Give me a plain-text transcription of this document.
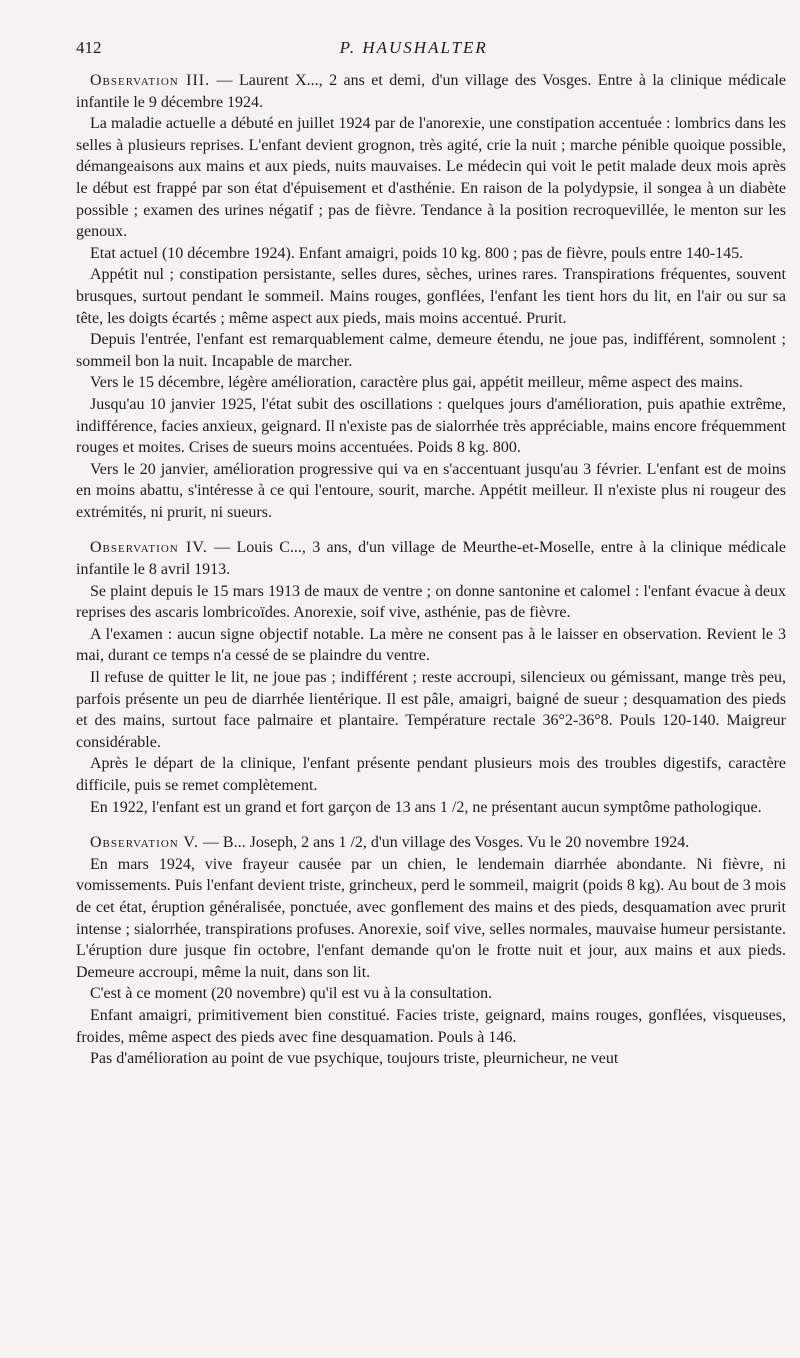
412	P. HAUSHALTER

Observation III. — Laurent X..., 2 ans et demi, d'un village des Vosges. Entre à la clinique médicale infantile le 9 décembre 1924.

La maladie actuelle a débuté en juillet 1924 par de l'anorexie, une constipation accentuée : lombrics dans les selles à plusieurs reprises. L'enfant devient grognon, très agité, crie la nuit ; marche pénible quoique possible, démangeaisons aux mains et aux pieds, nuits mauvaises. Le médecin qui voit le petit malade deux mois après le début est frappé par son état d'épuisement et d'asthénie. En raison de la polydypsie, il songea à un diabète possible ; examen des urines négatif ; pas de fièvre. Tendance à la position recroquevillée, le menton sur les genoux.

Etat actuel (10 décembre 1924). Enfant amaigri, poids 10 kg. 800 ; pas de fièvre, pouls entre 140-145.

Appétit nul ; constipation persistante, selles dures, sèches, urines rares. Transpirations fréquentes, souvent brusques, surtout pendant le sommeil. Mains rouges, gonflées, l'enfant les tient hors du lit, en l'air ou sur sa tête, les doigts écartés ; même aspect aux pieds, mais moins accentué. Prurit.

Depuis l'entrée, l'enfant est remarquablement calme, demeure étendu, ne joue pas, indifférent, somnolent ; sommeil bon la nuit. Incapable de marcher.

Vers le 15 décembre, légère amélioration, caractère plus gai, appétit meilleur, même aspect des mains.

Jusqu'au 10 janvier 1925, l'état subit des oscillations : quelques jours d'amélioration, puis apathie extrême, indifférence, facies anxieux, geignard. Il n'existe pas de sialorrhée très appréciable, mains encore fréquemment rouges et moites. Crises de sueurs moins accentuées. Poids 8 kg. 800.

Vers le 20 janvier, amélioration progressive qui va en s'accentuant jusqu'au 3 février. L'enfant est de moins en moins abattu, s'intéresse à ce qui l'entoure, sourit, marche. Appétit meilleur. Il n'existe plus ni rougeur des extrémités, ni prurit, ni sueurs.

Observation IV. — Louis C..., 3 ans, d'un village de Meurthe-et-Moselle, entre à la clinique médicale infantile le 8 avril 1913.

Se plaint depuis le 15 mars 1913 de maux de ventre ; on donne santonine et calomel : l'enfant évacue à deux reprises des ascaris lombricoïdes. Anorexie, soif vive, asthénie, pas de fièvre.

A l'examen : aucun signe objectif notable. La mère ne consent pas à le laisser en observation. Revient le 3 mai, durant ce temps n'a cessé de se plaindre du ventre.

Il refuse de quitter le lit, ne joue pas ; indifférent ; reste accroupi, silencieux ou gémissant, mange très peu, parfois présente un peu de diarrhée lientérique. Il est pâle, amaigri, baigné de sueur ; desquamation des pieds et des mains, surtout face palmaire et plantaire. Température rectale 36°2-36°8. Pouls 120-140. Maigreur considérable.

Après le départ de la clinique, l'enfant présente pendant plusieurs mois des troubles digestifs, caractère difficile, puis se remet complètement.

En 1922, l'enfant est un grand et fort garçon de 13 ans 1 /2, ne présentant aucun symptôme pathologique.

Observation V. — B... Joseph, 2 ans 1 /2, d'un village des Vosges. Vu le 20 novembre 1924.

En mars 1924, vive frayeur causée par un chien, le lendemain diarrhée abondante. Ni fièvre, ni vomissements. Puis l'enfant devient triste, grincheux, perd le sommeil, maigrit (poids 8 kg). Au bout de 3 mois de cet état, éruption généralisée, ponctuée, avec gonflement des mains et des pieds, desquamation avec prurit intense ; sialorrhée, transpirations profuses. Anorexie, soif vive, selles normales, mauvaise humeur persistante. L'éruption dure jusque fin octobre, l'enfant demande qu'on le frotte nuit et jour, aux mains et aux pieds. Demeure accroupi, même la nuit, dans son lit.

C'est à ce moment (20 novembre) qu'il est vu à la consultation.

Enfant amaigri, primitivement bien constitué. Facies triste, geignard, mains rouges, gonflées, visqueuses, froides, même aspect des pieds avec fine desquamation. Pouls à 146.

Pas d'amélioration au point de vue psychique, toujours triste, pleurnicheur, ne veut
